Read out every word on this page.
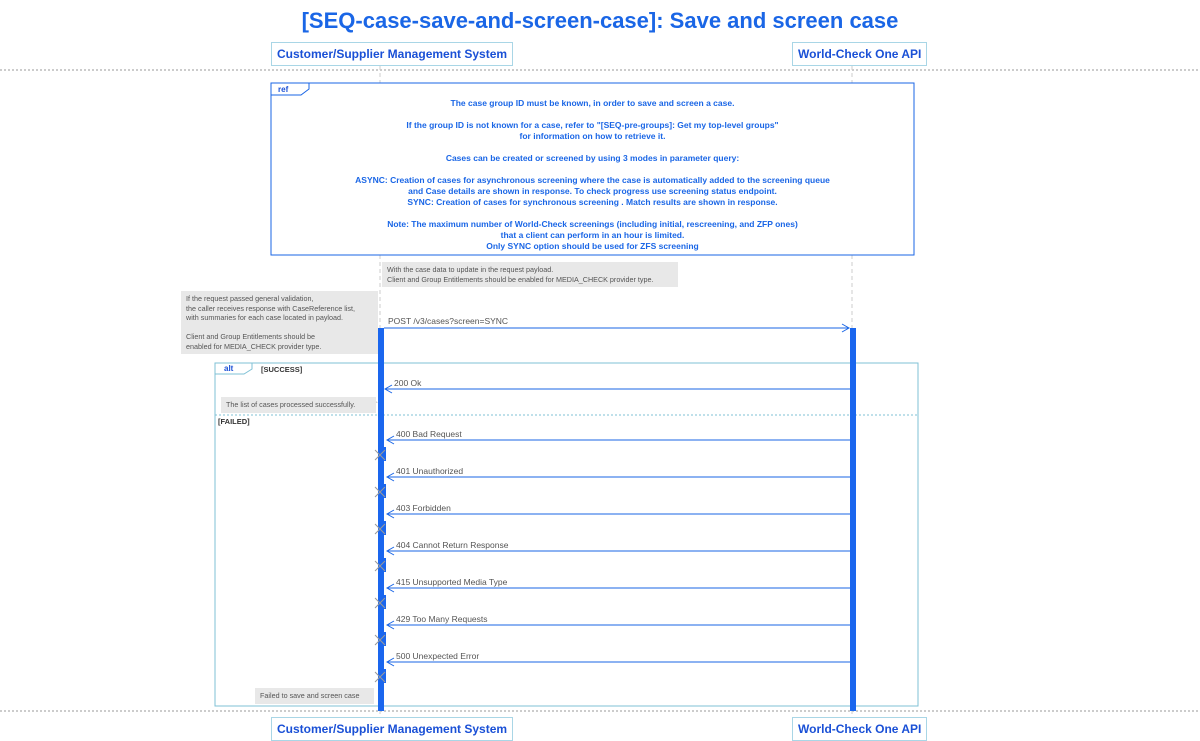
[SEQ-case-save-and-screen-case]: Save and screen case
Customer/Supplier Management System	World-Check One API
Customer/Supplier Management System	World-Check One API
ref
The case group ID must be known, in order to save and screen a case.
If the group ID is not known for a case, refer to "[SEQ-pre-groups]: Get my top-level groups"
for information on how to retrieve it.
Cases can be created or screened by using 3 modes in parameter query:
ASYNC: Creation of cases for asynchronous screening where the case is automatically added to the screening queue
and Case details are shown in response. To check progress use screening status endpoint.
SYNC: Creation of cases for synchronous screening . Match results are shown in response.
Note: The maximum number of World-Check screenings (including initial, rescreening, and ZFP ones)
that a client can perform in an hour is limited.
Only SYNC option should be used for ZFS screening
With the case data to update in the request payload.
Client and Group Entitlements should be enabled for MEDIA_CHECK provider type.
If the request passed general validation,
the caller receives response with CaseReference list,
with summaries for each case located in payload.
Client and Group Entitlements should be
enabled for MEDIA_CHECK provider type.
POST /v3/cases?screen=SYNC
alt	[SUCCESS]
[FAILED]
200 Ok
The list of cases processed successfully.
400 Bad Request
401 Unauthorized
403 Forbidden
404 Cannot Return Response
415 Unsupported Media Type
429 Too Many Requests
500 Unexpected Error
Failed to save and screen case
